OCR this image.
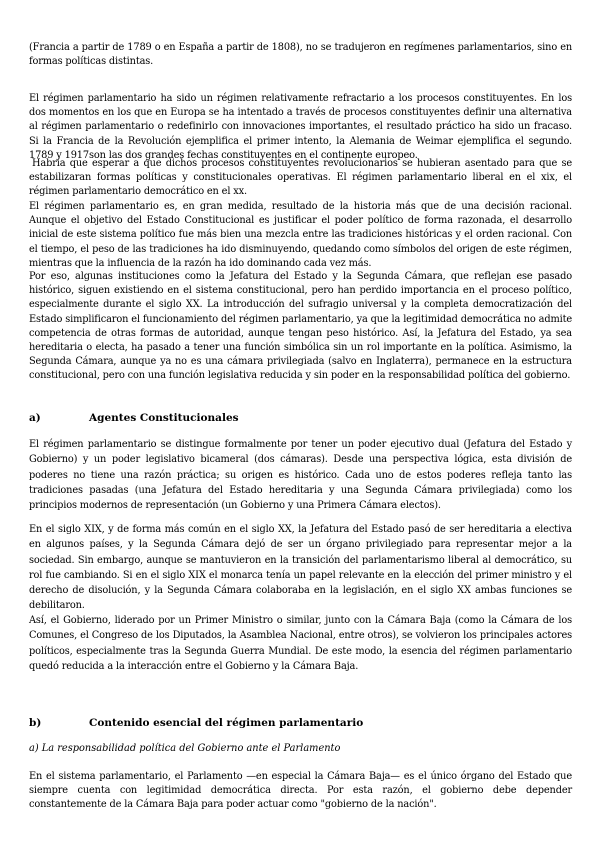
(Francia a partir de 1789 o en España a partir de 1808), no se tradujeron en regímenes parlamentarios, sino en formas políticas distintas.

El régimen parlamentario ha sido un régimen relativamente refractario a los procesos constituyentes. En los dos momentos en los que en Europa se ha intentado a través de procesos constituyentes definir una alternativa al régimen parlamentario o redefinirlo con innovaciones importantes, el resultado práctico ha sido un fracaso. Si la Francia de la Revolución ejemplifica el primer intento, la Alemania de Weimar ejemplifica el segundo. 1789 y 1917son las dos grandes fechas constituyentes en el continente europeo.

Habría que esperar a que dichos procesos constituyentes revolucionarios se hubieran asentado para que se estabilizaran formas políticas y constitucionales operativas. El régimen parlamentario liberal en el xix, el régimen parlamentario democrático en el xx.

El régimen parlamentario es, en gran medida, resultado de la historia más que de una decisión racional. Aunque el objetivo del Estado Constitucional es justificar el poder político de forma razonada, el desarrollo inicial de este sistema político fue más bien una mezcla entre las tradiciones históricas y el orden racional. Con el tiempo, el peso de las tradiciones ha ido disminuyendo, quedando como símbolos del origen de este régimen, mientras que la influencia de la razón ha ido dominando cada vez más.

Por eso, algunas instituciones como la Jefatura del Estado y la Segunda Cámara, que reflejan ese pasado histórico, siguen existiendo en el sistema constitucional, pero han perdido importancia en el proceso político, especialmente durante el siglo XX. La introducción del sufragio universal y la completa democratización del Estado simplificaron el funcionamiento del régimen parlamentario, ya que la legitimidad democrática no admite competencia de otras formas de autoridad, aunque tengan peso histórico. Así, la Jefatura del Estado, ya sea hereditaria o electa, ha pasado a tener una función simbólica sin un rol importante en la política. Asimismo, la Segunda Cámara, aunque ya no es una cámara privilegiada (salvo en Inglaterra), permanece en la estructura constitucional, pero con una función legislativa reducida y sin poder en la responsabilidad política del gobierno.

a)	Agentes Constitucionales

El régimen parlamentario se distingue formalmente por tener un poder ejecutivo dual (Jefatura del Estado y Gobierno) y un poder legislativo bicameral (dos cámaras). Desde una perspectiva lógica, esta división de poderes no tiene una razón práctica; su origen es histórico. Cada uno de estos poderes refleja tanto las tradiciones pasadas (una Jefatura del Estado hereditaria y una Segunda Cámara privilegiada) como los principios modernos de representación (un Gobierno y una Primera Cámara electos).

En el siglo XIX, y de forma más común en el siglo XX, la Jefatura del Estado pasó de ser hereditaria a electiva en algunos países, y la Segunda Cámara dejó de ser un órgano privilegiado para representar mejor a la sociedad. Sin embargo, aunque se mantuvieron en la transición del parlamentarismo liberal al democrático, su rol fue cambiando. Si en el siglo XIX el monarca tenía un papel relevante en la elección del primer ministro y el derecho de disolución, y la Segunda Cámara colaboraba en la legislación, en el siglo XX ambas funciones se debilitaron.

Así, el Gobierno, liderado por un Primer Ministro o similar, junto con la Cámara Baja (como la Cámara de los Comunes, el Congreso de los Diputados, la Asamblea Nacional, entre otros), se volvieron los principales actores políticos, especialmente tras la Segunda Guerra Mundial. De este modo, la esencia del régimen parlamentario quedó reducida a la interacción entre el Gobierno y la Cámara Baja.

b)	Contenido esencial del régimen parlamentario

a) La responsabilidad política del Gobierno ante el Parlamento

En el sistema parlamentario, el Parlamento —en especial la Cámara Baja— es el único órgano del Estado que siempre cuenta con legitimidad democrática directa. Por esta razón, el gobierno debe depender constantemente de la Cámara Baja para poder actuar como "gobierno de la nación".
